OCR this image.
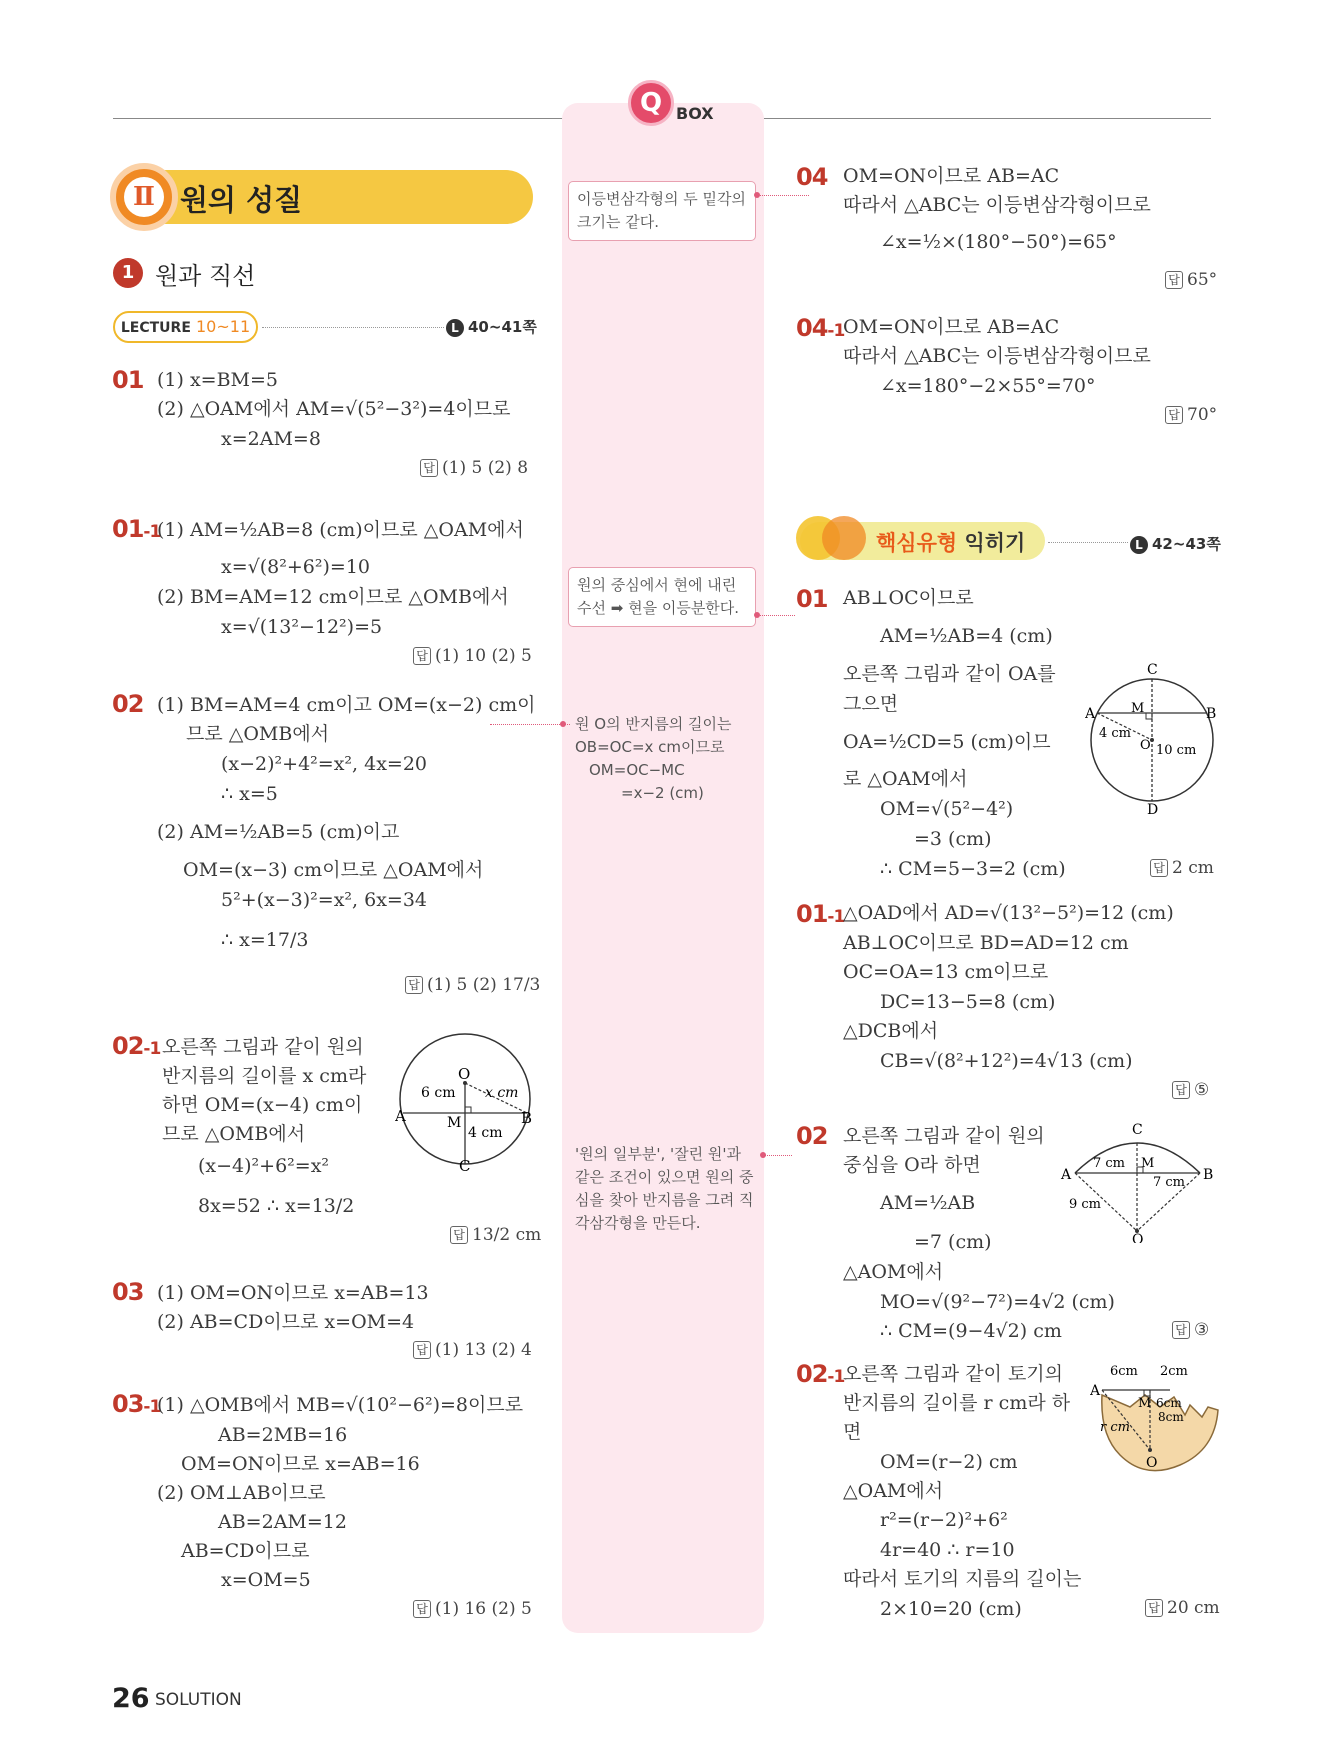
Q BOX
이등변삼각형의 두 밑각의 크기는 같다.
원의 중심에서 현에 내린 수선 ➡ 현을 이등분한다.
원 O의 반지름의 길이는
OB=OC=x cm이므로
OM=OC−MC
=x−2 (cm)
'원의 일부분', '잘린 원'과 같은 조건이 있으면 원의 중심을 찾아 반지름을 그려 직각삼각형을 만든다.
Ⅱ 원의 성질
1 원과 직선
LECTURE 10~11	L 40~41쪽
01 (1) x=BM=5
(2) △OAM에서 AM=√(5²−3²)=4이므로
x=2AM=8
답 (1) 5 (2) 8
01-1
(1) AM=½AB=8 (cm)이므로 △OAM에서
x=√(8²+6²)=10
(2) BM=AM=12 cm이므로 △OMB에서
x=√(13²−12²)=5
답 (1) 10 (2) 5
02 (1) BM=AM=4 cm이고 OM=(x−2) cm이
므로 △OMB에서
(x−2)²+4²=x², 4x=20
∴ x=5
(2) AM=½AB=5 (cm)이고
OM=(x−3) cm이므로 △OAM에서
5²+(x−3)²=x², 6x=34
∴ x=17/3
답 (1) 5 (2) 17/3
02-1 오른쪽 그림과 같이 원의
반지름의 길이를 x cm라
하면 OM=(x−4) cm이
므로 △OMB에서
(x−4)²+6²=x²
8x=52 ∴ x=13/2
답 13/2 cm
O
A	B
C
M
x cm
6 cm
4 cm
03 (1) OM=ON이므로 x=AB=13
(2) AB=CD이므로 x=OM=4
답 (1) 13 (2) 4
03-1
(1) △OMB에서 MB=√(10²−6²)=8이므로
AB=2MB=16
OM=ON이므로 x=AB=16
(2) OM⊥AB이므로
AB=2AM=12
AB=CD이므로
x=OM=5
답 (1) 16 (2) 5
04 OM=ON이므로 AB=AC
따라서 △ABC는 이등변삼각형이므로
∠x=½×(180°−50°)=65°
답 65°
04-1
OM=ON이므로 AB=AC
따라서 △ABC는 이등변삼각형이므로
∠x=180°−2×55°=70°
답 70°
핵심유형 익히기	L 42~43쪽
01 AB⊥OC이므로
AM=½AB=4 (cm)
오른쪽 그림과 같이 OA를
그으면
OA=½CD=5 (cm)이므
로 △OAM에서
OM=√(5²−4²)
=3 (cm)
∴ CM=5−3=2 (cm)	답 2 cm
C
A	B
M
O
D
4 cm
10 cm
01-1
△OAD에서 AD=√(13²−5²)=12 (cm)
AB⊥OC이므로 BD=AD=12 cm
OC=OA=13 cm이므로
DC=13−5=8 (cm)
△DCB에서
CB=√(8²+12²)=4√13 (cm)
답 ⑤
02 오른쪽 그림과 같이 원의
중심을 O라 하면
AM=½AB
=7 (cm)
△AOM에서
MO=√(9²−7²)=4√2 (cm)
∴ CM=(9−4√2) cm	답 ③
C
A	B
M
O
7 cm
7 cm
9 cm
02-1
오른쪽 그림과 같이 토기의
반지름의 길이를 r cm라 하
면
OM=(r−2) cm
△OAM에서
r²=(r−2)²+6²
4r=40 ∴ r=10
따라서 토기의 지름의 길이는
2×10=20 (cm)	답 20 cm
A
M
O
6cm 2cm
6cm
8cm
r cm
26 SOLUTION
